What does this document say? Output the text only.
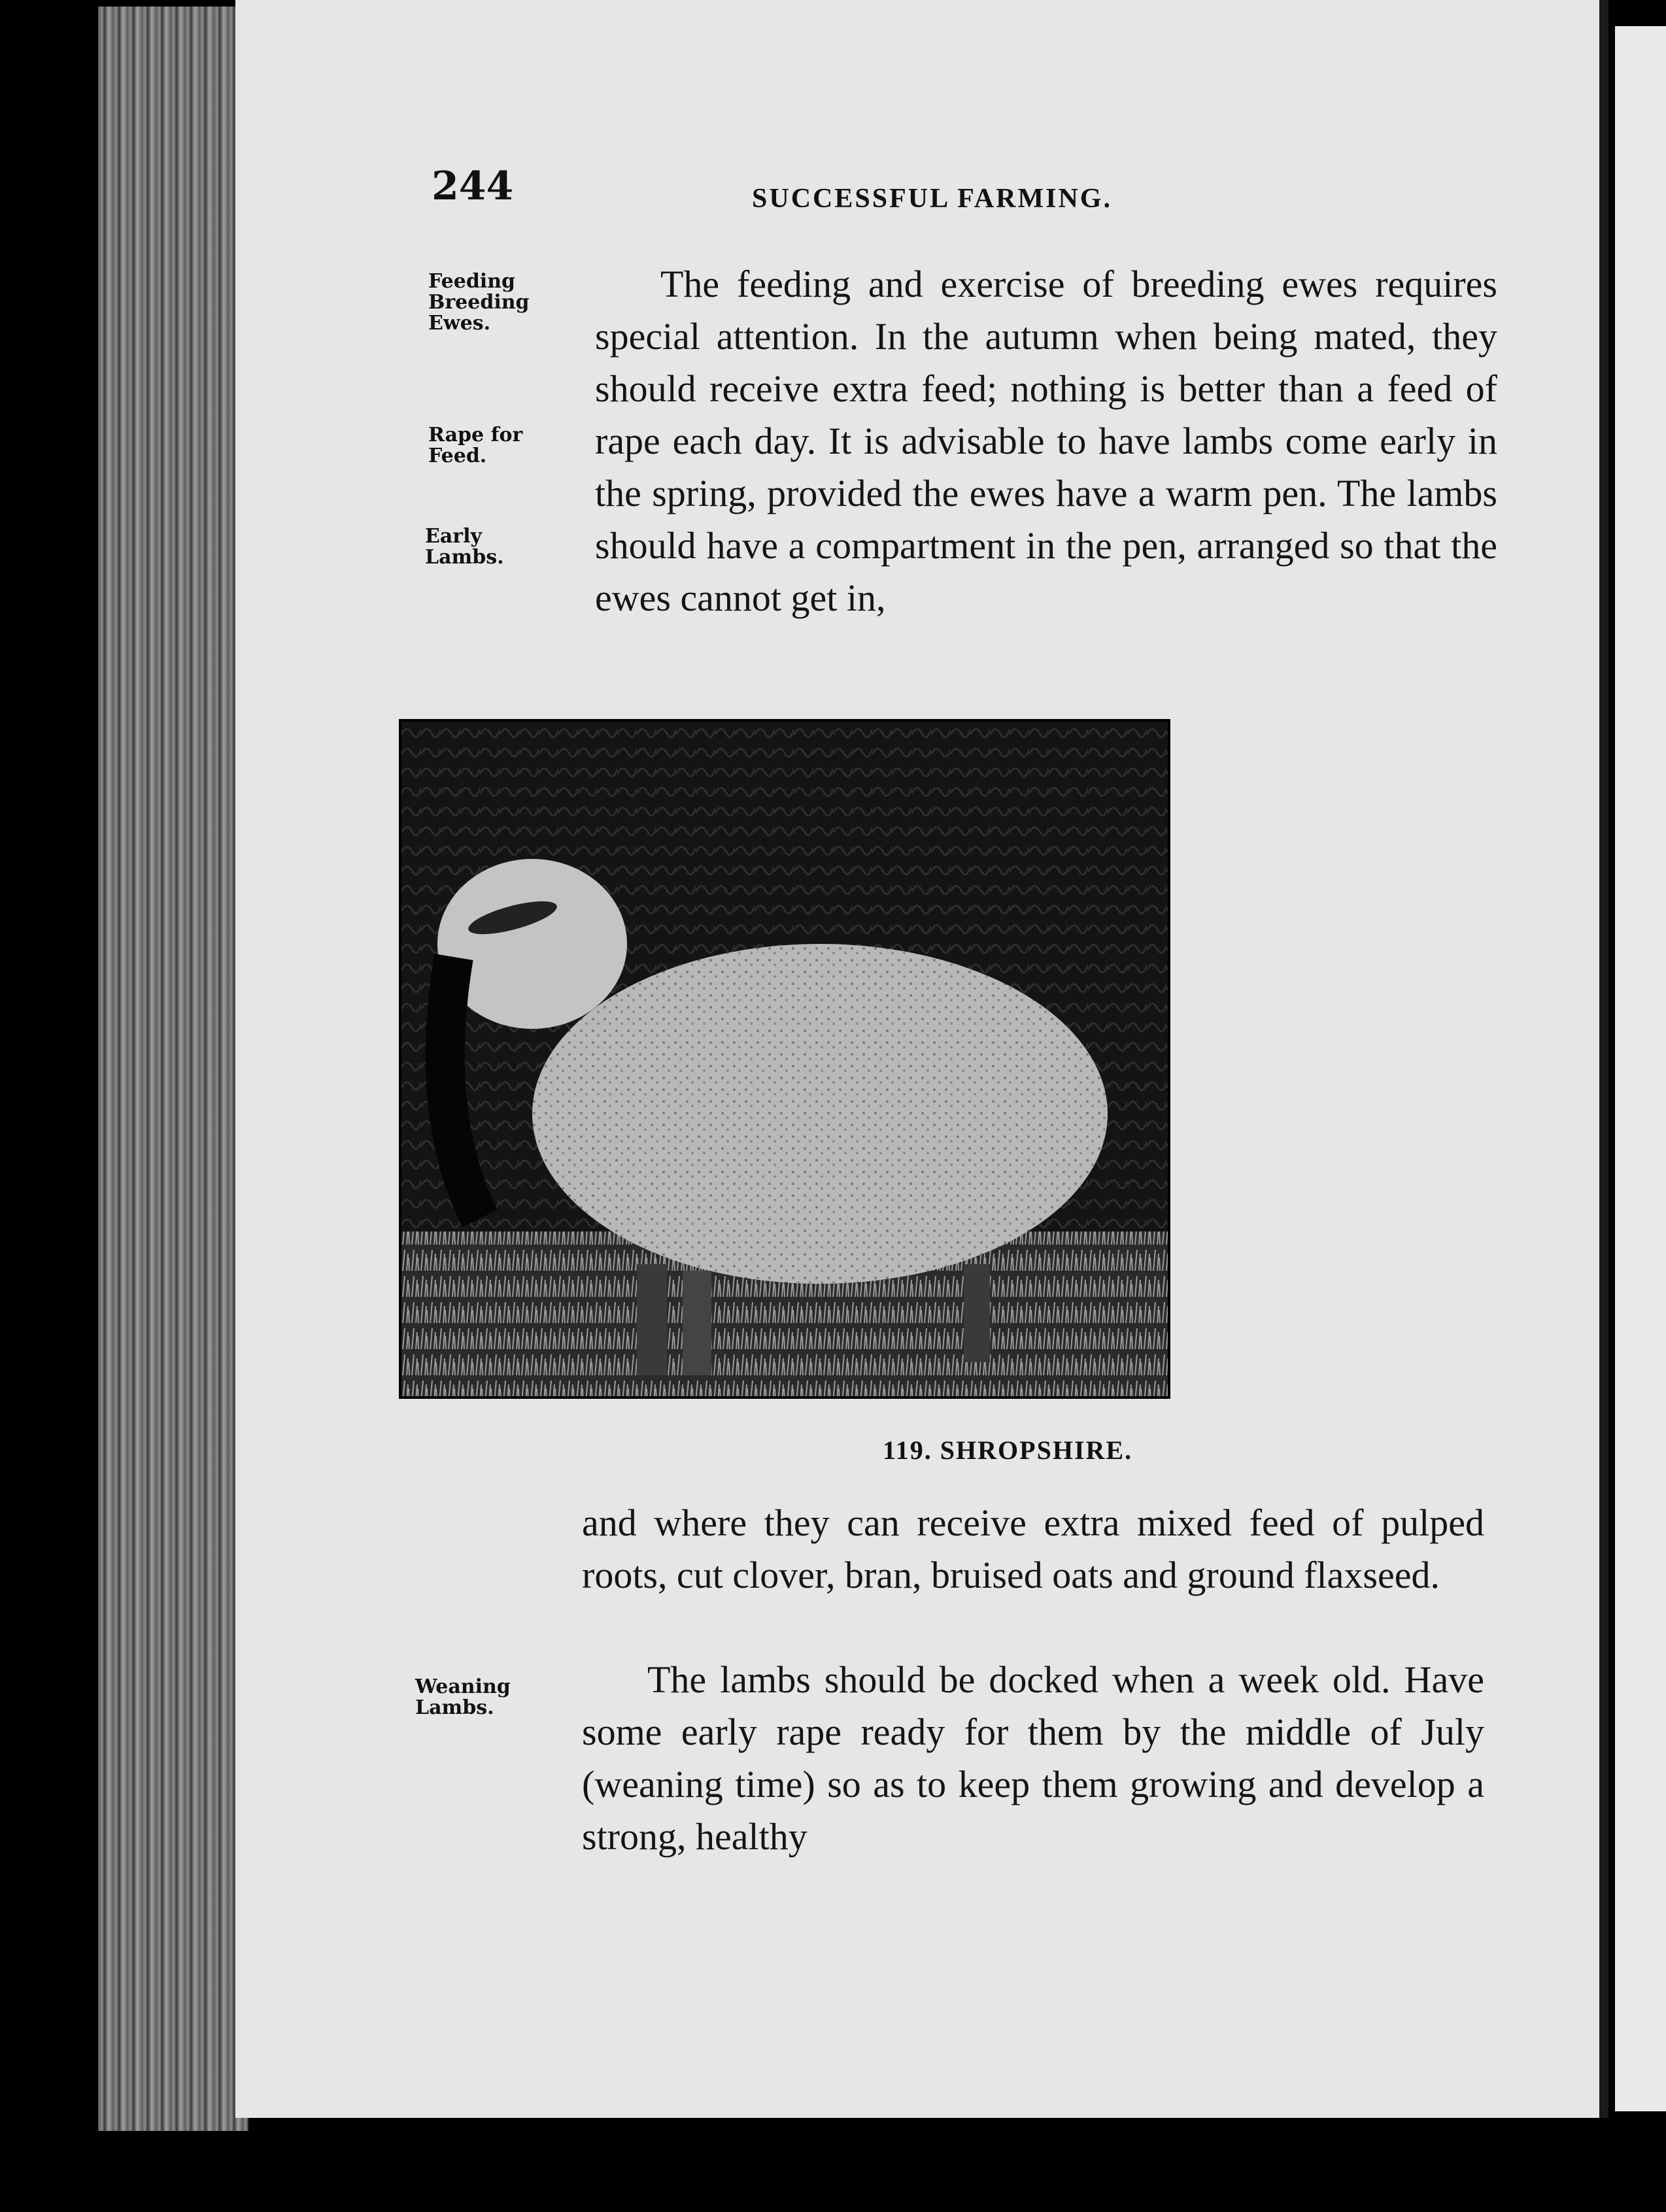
244	SUCCESSFUL FARMING.
Feeding
Breeding
Ewes.
Rape for
Feed.
Early
Lambs.
Weaning
Lambs.

The feeding and exercise of breeding ewes requires special attention. In the autumn when being mated, they should receive extra feed; nothing is better than a feed of rape each day. It is advisable to have lambs come early in the spring, provided the ewes have a warm pen. The lambs should have a compartment in the pen, arranged so that the ewes cannot get in,

119. SHROPSHIRE.

and where they can receive extra mixed feed of pulped roots, cut clover, bran, bruised oats and ground flaxseed.

The lambs should be docked when a week old. Have some early rape ready for them by the middle of July (weaning time) so as to keep them growing and develop a strong, healthy
